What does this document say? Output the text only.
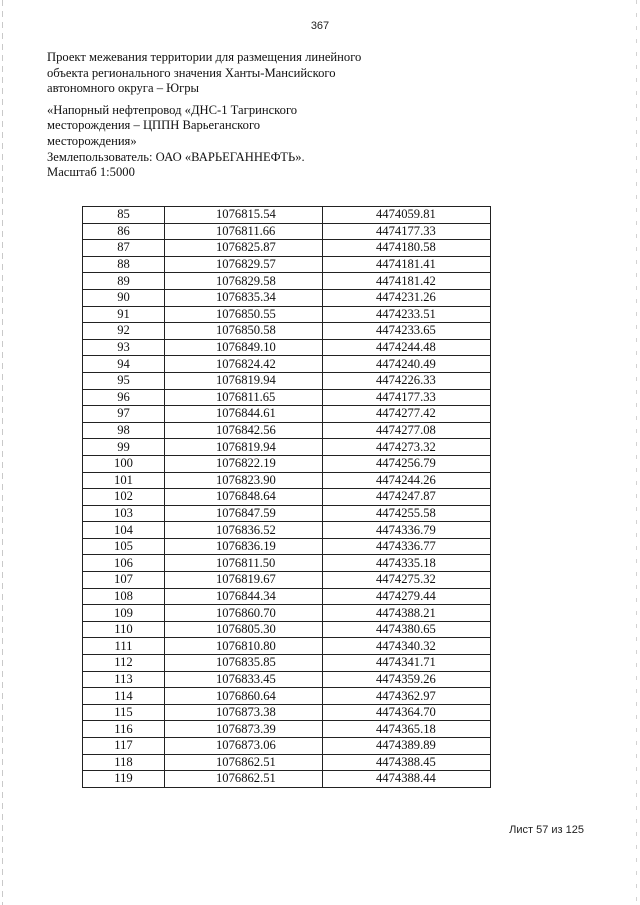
367
Проект межевания территории для размещения линейного
объекта регионального значения Ханты-Мансийского
автономного округа – Югры
«Напорный нефтепровод «ДНС-1 Тагринского
месторождения – ЦППН Варьеганского
месторождения»
Землепользователь: ОАО «ВАРЬЕГАННЕФТЬ».
Масштаб 1:5000
85	1076815.54	4474059.81
86	1076811.66	4474177.33
87	1076825.87	4474180.58
88	1076829.57	4474181.41
89	1076829.58	4474181.42
90	1076835.34	4474231.26
91	1076850.55	4474233.51
92	1076850.58	4474233.65
93	1076849.10	4474244.48
94	1076824.42	4474240.49
95	1076819.94	4474226.33
96	1076811.65	4474177.33
97	1076844.61	4474277.42
98	1076842.56	4474277.08
99	1076819.94	4474273.32
100	1076822.19	4474256.79
101	1076823.90	4474244.26
102	1076848.64	4474247.87
103	1076847.59	4474255.58
104	1076836.52	4474336.79
105	1076836.19	4474336.77
106	1076811.50	4474335.18
107	1076819.67	4474275.32
108	1076844.34	4474279.44
109	1076860.70	4474388.21
110	1076805.30	4474380.65
111	1076810.80	4474340.32
112	1076835.85	4474341.71
113	1076833.45	4474359.26
114	1076860.64	4474362.97
115	1076873.38	4474364.70
116	1076873.39	4474365.18
117	1076873.06	4474389.89
118	1076862.51	4474388.45
119	1076862.51	4474388.44
Лист 57 из 125
